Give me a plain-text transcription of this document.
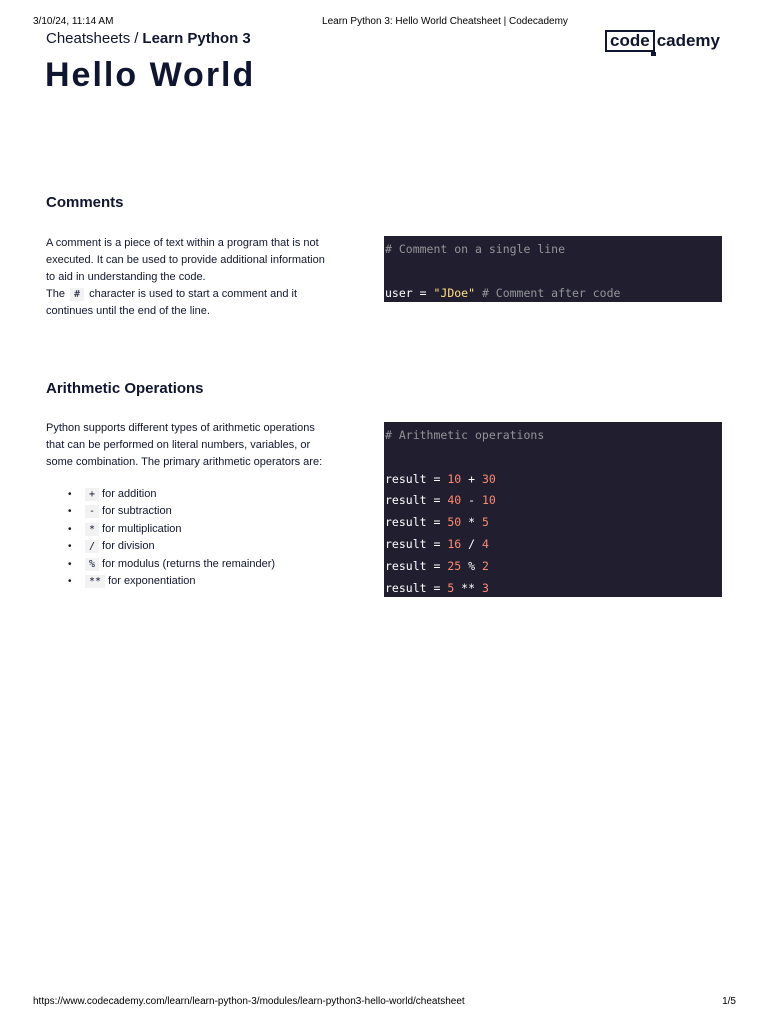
3/10/24, 11:14 AM	Learn Python 3: Hello World Cheatsheet | Codecademy
Cheatsheets / Learn Python 3	code cademy
Hello World
Comments
A comment is a piece of text within a program that is not executed. It can be used to provide additional information to aid in understanding the code.
The # character is used to start a comment and it continues until the end of the line.
# Comment on a single line
user = "JDoe" # Comment after code
Arithmetic Operations
Python supports different types of arithmetic operations that can be performed on literal numbers, variables, or some combination. The primary arithmetic operators are:
• + for addition
• - for subtraction
• * for multiplication
• / for division
• % for modulus (returns the remainder)
• ** for exponentiation
# Arithmetic operations
result = 10 + 30
result = 40 - 10
result = 50 * 5
result = 16 / 4
result = 25 % 2
result = 5 ** 3
https://www.codecademy.com/learn/learn-python-3/modules/learn-python3-hello-world/cheatsheet	1/5
